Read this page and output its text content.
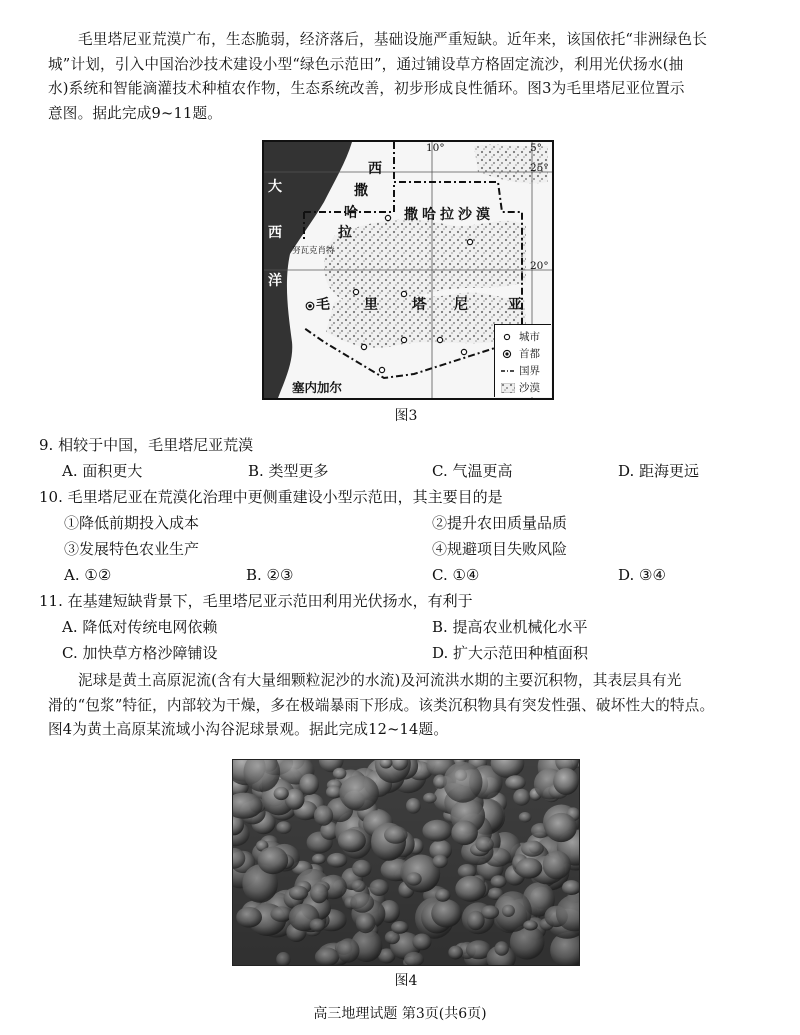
毛里塔尼亚荒漠广布，生态脆弱，经济落后，基础设施严重短缺。近年来，该国依托“非洲绿色长
城”计划，引入中国治沙技术建设小型“绿色示范田”，通过铺设草方格固定流沙，利用光伏扬水(抽
水)系统和智能滴灌技术种植农作物，生态系统改善，初步形成良性循环。图3为毛里塔尼亚位置示
意图。据此完成9~11题。
大
西
洋
西
撒
哈
拉
撒哈拉沙漠
努瓦克肖特
毛 里 塔 尼	亚
塞内加尔
10°	5°
25°
20°
城市
首都
国界
沙漠
图3
9. 相较于中国，毛里塔尼亚荒漠
A. 面积更大	B. 类型更多	C. 气温更高	D. 距海更远
10. 毛里塔尼亚在荒漠化治理中更侧重建设小型示范田，其主要目的是
①降低前期投入成本	②提升农田质量品质
③发展特色农业生产	④规避项目失败风险
A. ①②	B. ②③	C. ①④	D. ③④
11. 在基建短缺背景下，毛里塔尼亚示范田利用光伏扬水，有利于
A. 降低对传统电网依赖	B. 提高农业机械化水平
C. 加快草方格沙障铺设	D. 扩大示范田种植面积
泥球是黄土高原泥流(含有大量细颗粒泥沙的水流)及河流洪水期的主要沉积物，其表层具有光
滑的“包浆”特征，内部较为干燥，多在极端暴雨下形成。该类沉积物具有突发性强、破坏性大的特点。
图4为黄土高原某流域小沟谷泥球景观。据此完成12~14题。
图4
高三地理试题 第3页(共6页)
